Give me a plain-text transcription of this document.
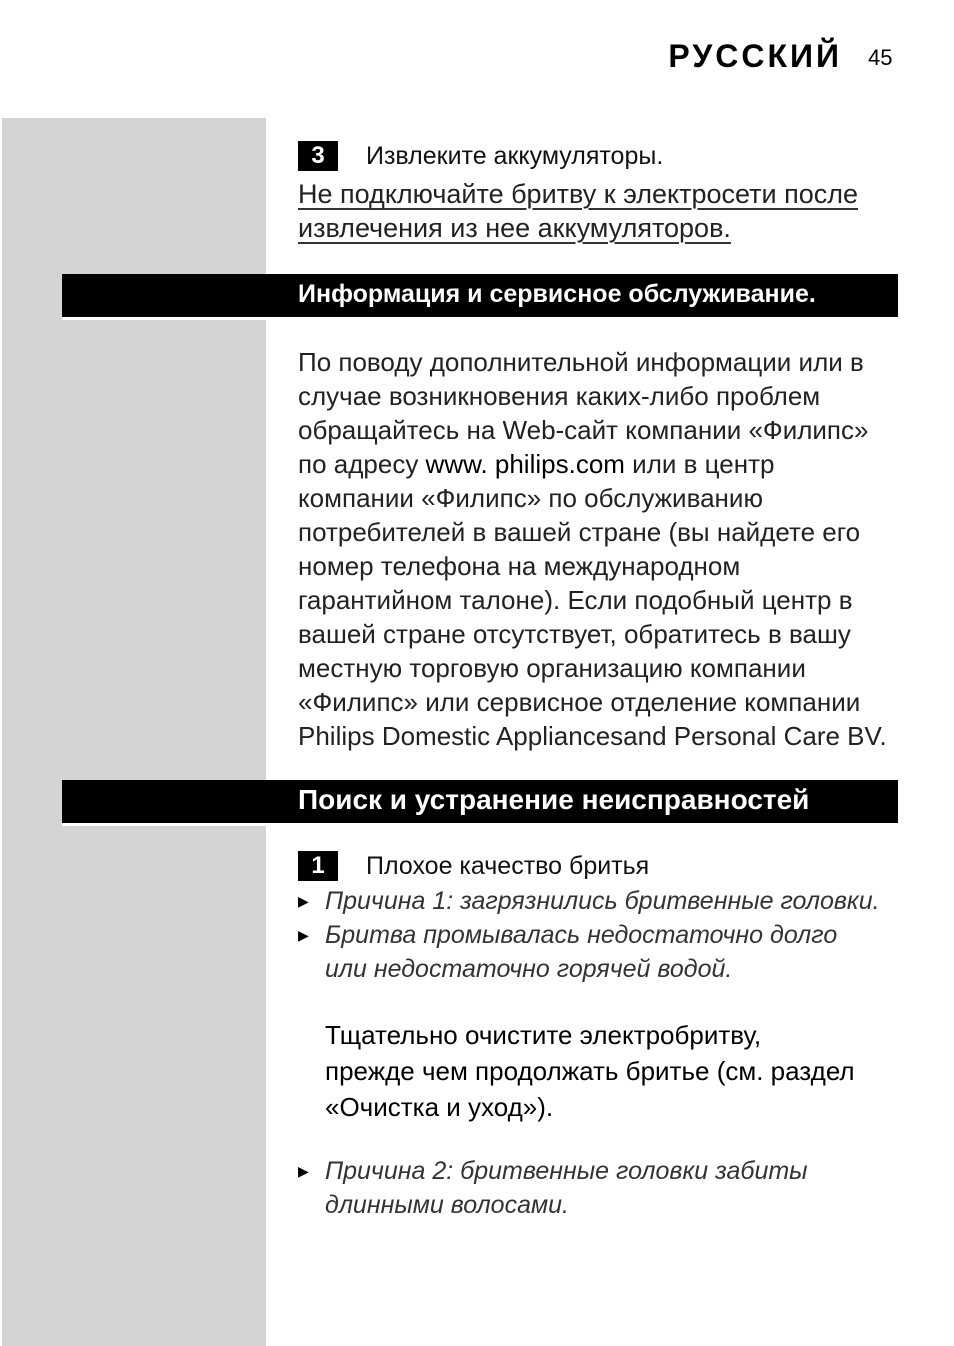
РУССКИЙ 45
3	Извлеките аккумуляторы.
Не подключайте бритву к электросети после
извлечения из нее аккумуляторов.
Информация и сервисное обслуживание.
По поводу дополнительной информации или в
случае возникновения каких-либо проблем
обращайтесь на Web-сайт компании «Филипс»
по адресу www. philips.com или в центр
компании «Филипс» по обслуживанию
потребителей в вашей стране (вы найдете его
номер телефона на международном
гарантийном талоне). Если подобный центр в
вашей стране отсутствует, обратитесь в вашу
местную торговую организацию компании
«Филипс» или сервисное отделение компании
Philips Domestic Appliancesand Personal Care BV.
Поиск и устранение неисправностей
1	Плохое качество бритья
▶ Причина 1: загрязнились бритвенные головки.
▶ Бритва промывалась недостаточно долго
или недостаточно горячей водой.
Тщательно очистите электробритву,
прежде чем продолжать бритье (см. раздел
«Очистка и уход»).
▶ Причина 2: бритвенные головки забиты
длинными волосами.
